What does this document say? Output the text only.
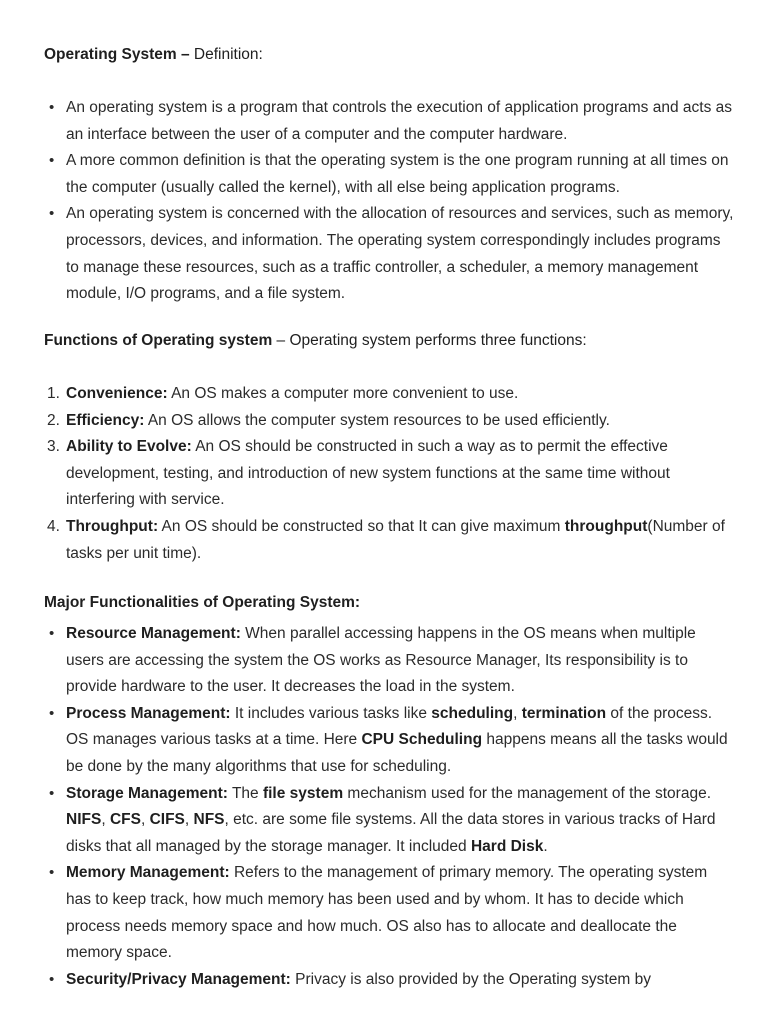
Operating System – Definition:

• An operating system is a program that controls the execution of application programs and acts as an interface between the user of a computer and the computer hardware.
• A more common definition is that the operating system is the one program running at all times on the computer (usually called the kernel), with all else being application programs.
• An operating system is concerned with the allocation of resources and services, such as memory, processors, devices, and information. The operating system correspondingly includes programs to manage these resources, such as a traffic controller, a scheduler, a memory management module, I/O programs, and a file system.

Functions of Operating system – Operating system performs three functions:

1. Convenience: An OS makes a computer more convenient to use.
2. Efficiency: An OS allows the computer system resources to be used efficiently.
3. Ability to Evolve: An OS should be constructed in such a way as to permit the effective development, testing, and introduction of new system functions at the same time without interfering with service.
4. Throughput: An OS should be constructed so that It can give maximum throughput(Number of tasks per unit time).

Major Functionalities of Operating System:

• Resource Management: When parallel accessing happens in the OS means when multiple users are accessing the system the OS works as Resource Manager, Its responsibility is to provide hardware to the user. It decreases the load in the system.
• Process Management: It includes various tasks like scheduling, termination of the process. OS manages various tasks at a time. Here CPU Scheduling happens means all the tasks would be done by the many algorithms that use for scheduling.
• Storage Management: The file system mechanism used for the management of the storage. NIFS, CFS, CIFS, NFS, etc. are some file systems. All the data stores in various tracks of Hard disks that all managed by the storage manager. It included Hard Disk.
• Memory Management: Refers to the management of primary memory. The operating system has to keep track, how much memory has been used and by whom. It has to decide which process needs memory space and how much. OS also has to allocate and deallocate the memory space.
• Security/Privacy Management: Privacy is also provided by the Operating system by
